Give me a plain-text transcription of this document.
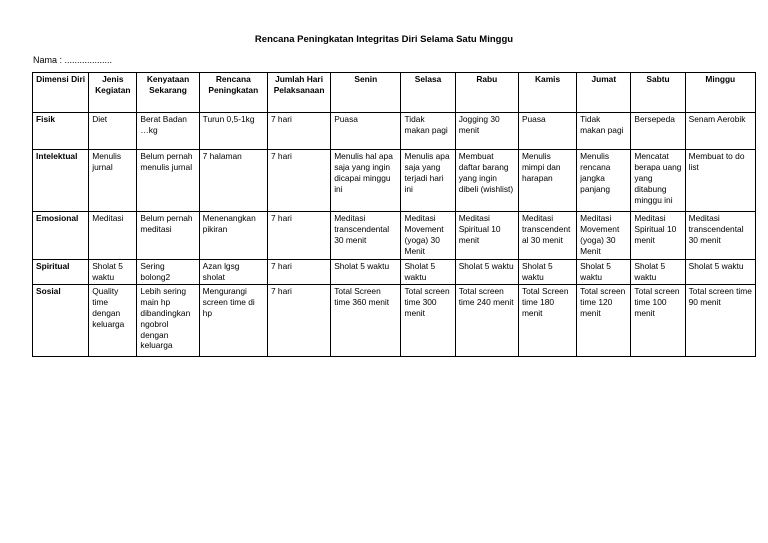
Rencana Peningkatan Integritas Diri Selama Satu Minggu
Nama : ...................
Dimensi Diri	Jenis Kegiatan	Kenyataan Sekarang	Rencana Peningkatan	Jumlah Hari Pelaksanaan	Senin	Selasa	Rabu	Kamis	Jumat	Sabtu	Minggu
Fisik	Diet	Berat Badan …kg	Turun 0,5-1kg	7 hari	Puasa	Tidak makan pagi	Jogging 30 menit	Puasa	Tidak makan pagi	Bersepeda	Senam Aerobik
Intelektual	Menulis jurnal	Belum pernah menulis jurnal	7 halaman	7 hari	Menulis hal apa saja yang ingin dicapai minggu ini	Menulis apa saja yang terjadi hari ini	Membuat daftar barang yang ingin dibeli (wishlist)	Menulis mimpi dan harapan	Menulis rencana jangka panjang	Mencatat berapa uang yang ditabung minggu ini	Membuat to do list
Emosional	Meditasi	Belum pernah meditasi	Menenangkan pikiran	7 hari	Meditasi transcendental 30 menit	Meditasi Movement (yoga) 30 Menit	Meditasi Spiritual 10 menit	Meditasi transcendental 30 menit	Meditasi Movement (yoga) 30 Menit	Meditasi Spiritual 10 menit	Meditasi transcendental 30 menit
Spiritual	Sholat 5 waktu	Sering bolong2	Azan lgsg sholat	7 hari	Sholat 5 waktu	Sholat 5 waktu	Sholat 5 waktu	Sholat 5 waktu	Sholat 5 waktu	Sholat 5 waktu	Sholat 5 waktu
Sosial	Quality time dengan keluarga	Lebih sering main hp dibandingkan ngobrol dengan keluarga	Mengurangi screen time di hp	7 hari	Total Screen time 360 menit	Total screen time 300 menit	Total screen time 240 menit	Total Screen time 180 menit	Total screen time 120 menit	Total screen time 100 menit	Total screen time 90 menit
